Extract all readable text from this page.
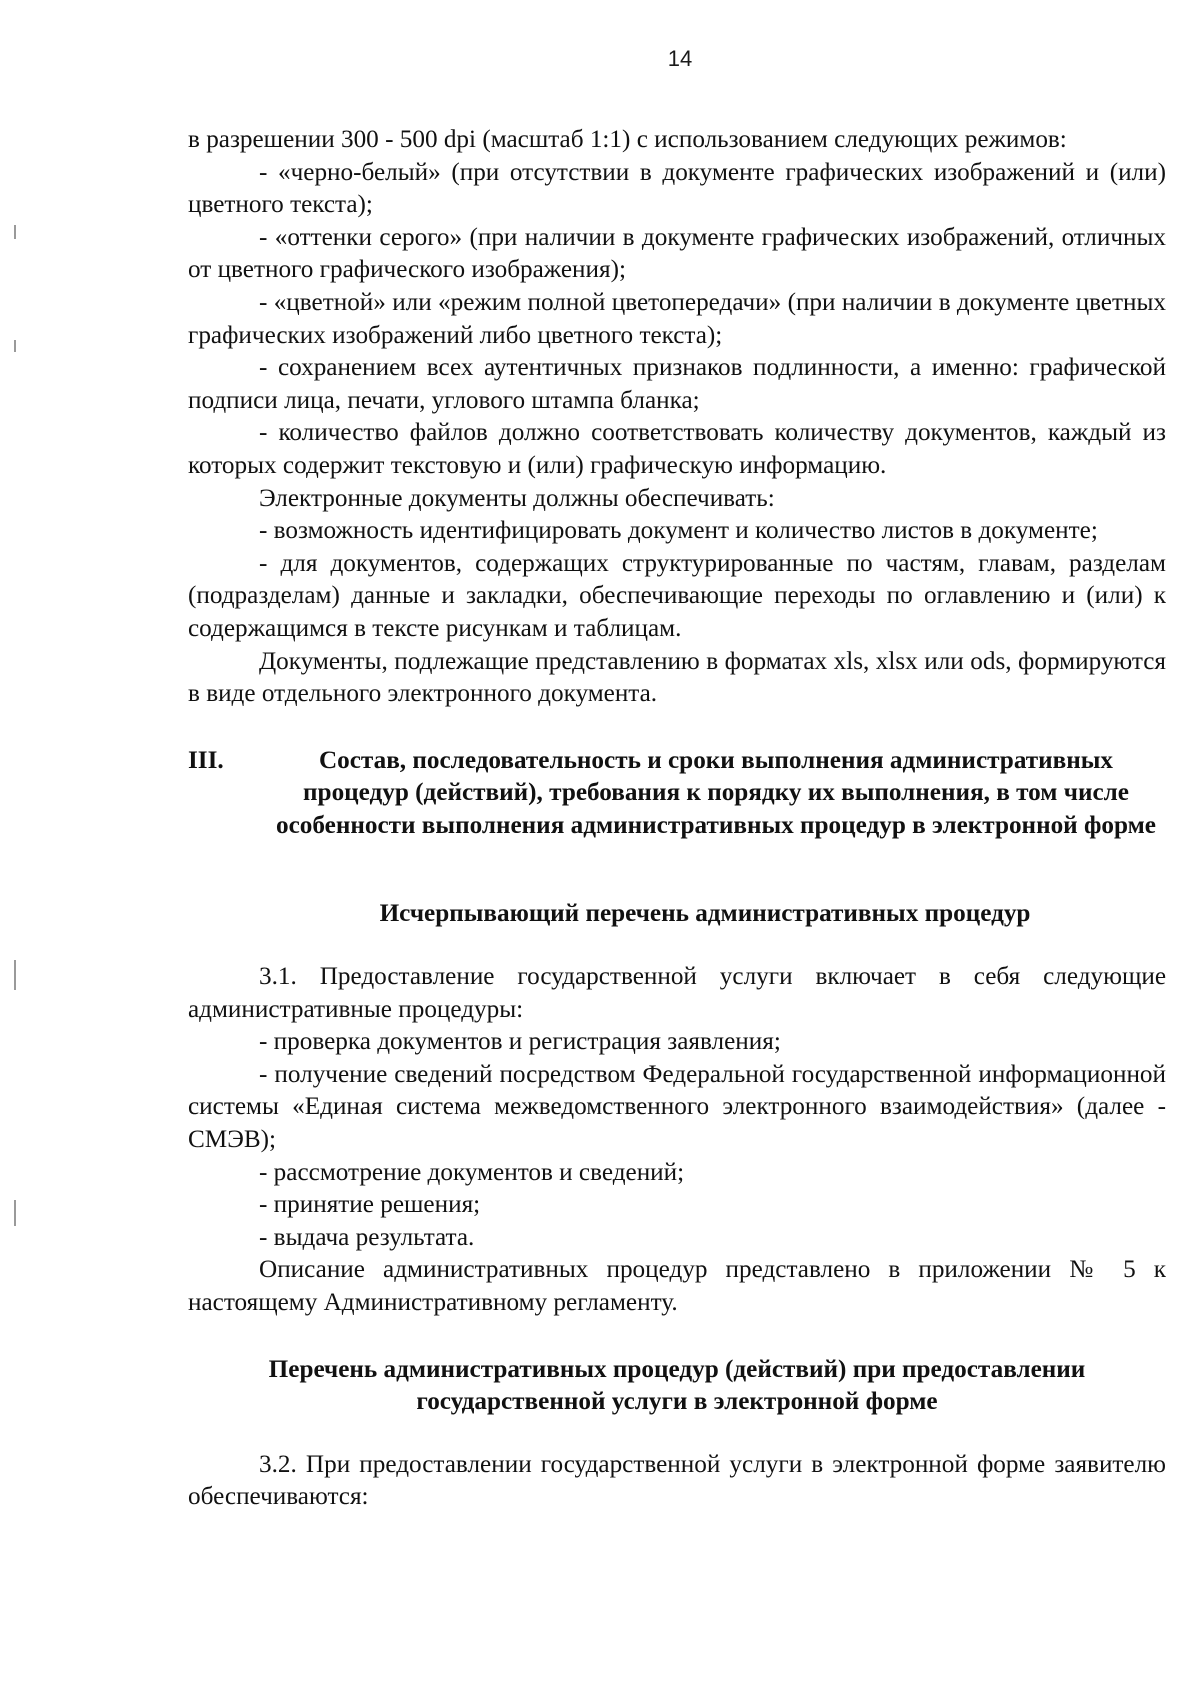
14

в разрешении 300 - 500 dpi (масштаб 1:1) с использованием следующих режимов:

- «черно-белый» (при отсутствии в документе графических изображений и (или) цветного текста);

- «оттенки серого» (при наличии в документе графических изображений, отличных от цветного графического изображения);

- «цветной» или «режим полной цветопередачи» (при наличии в документе цветных графических изображений либо цветного текста);

- сохранением всех аутентичных признаков подлинности, а именно: графической подписи лица, печати, углового штампа бланка;

- количество файлов должно соответствовать количеству документов, каждый из которых содержит текстовую и (или) графическую информацию.

Электронные документы должны обеспечивать:

- возможность идентифицировать документ и количество листов в документе;

- для документов, содержащих структурированные по частям, главам, разделам (подразделам) данные и закладки, обеспечивающие переходы по оглавлению и (или) к содержащимся в тексте рисункам и таблицам.

Документы, подлежащие представлению в форматах xls, xlsx или ods, формируются в виде отдельного электронного документа.

III.	Состав, последовательность и сроки выполнения административных процедур (действий), требования к порядку их выполнения, в том числе особенности выполнения административных процедур в электронной форме

Исчерпывающий перечень административных процедур

3.1. Предоставление государственной услуги включает в себя следующие административные процедуры:

- проверка документов и регистрация заявления;

- получение сведений посредством Федеральной государственной информационной системы «Единая система межведомственного электронного взаимодействия» (далее - СМЭВ);

- рассмотрение документов и сведений;

- принятие решения;

- выдача результата.

Описание административных процедур представлено в приложении № 5 к настоящему Административному регламенту.

Перечень административных процедур (действий) при предоставлении государственной услуги в электронной форме

3.2. При предоставлении государственной услуги в электронной форме заявителю обеспечиваются:
